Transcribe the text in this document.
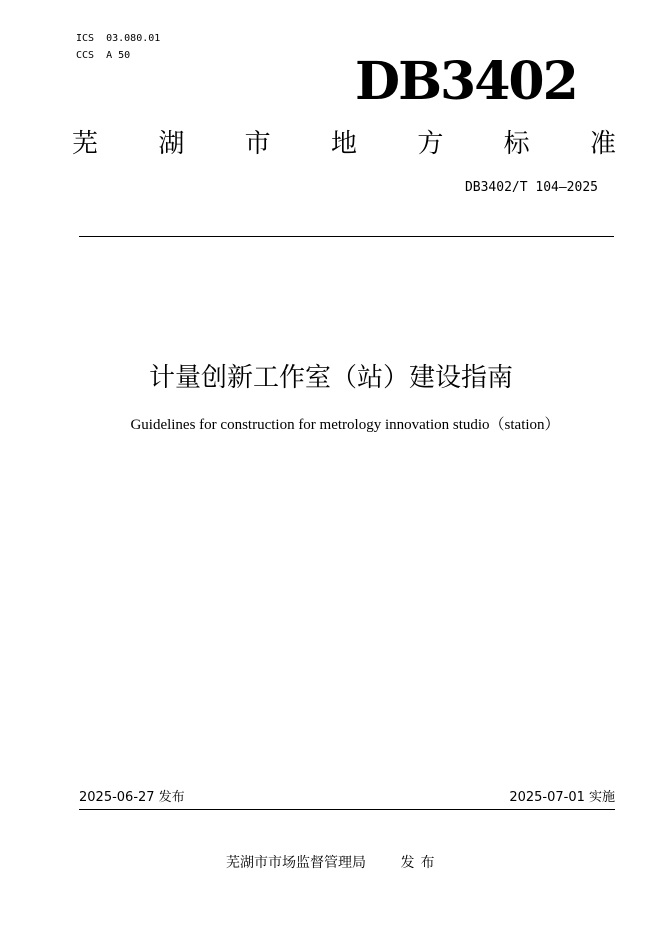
ICS  03.080.01
CCS  A 50	DB3402
芜 湖 市 地 方 标 准
DB3402/T 104—2025
计量创新工作室（站）建设指南
Guidelines for construction for metrology innovation studio（station）
2025-06-27 发布	2025-07-01 实施
芜湖市市场监督管理局 发布
